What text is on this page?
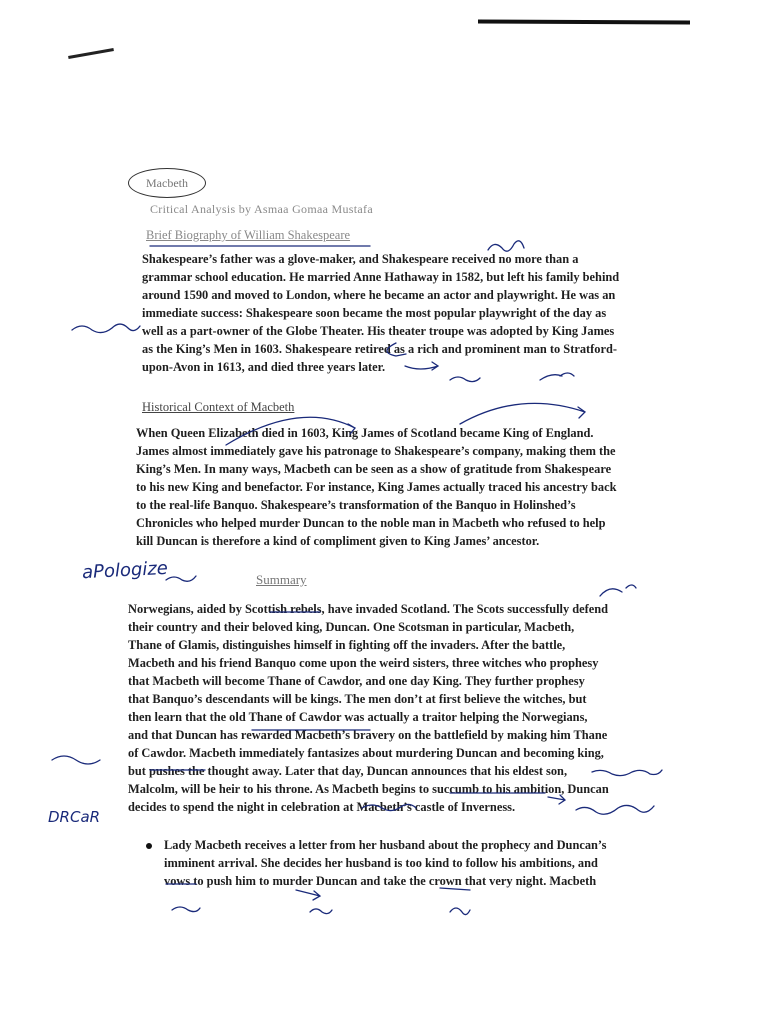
Macbeth
Critical Analysis by Asmaa Gomaa Mustafa
Brief Biography of William Shakespeare
Shakespeare’s father was a glove-maker, and Shakespeare received no more than a
grammar school education. He married Anne Hathaway in 1582, but left his family behind
around 1590 and moved to London, where he became an actor and playwright. He was an
immediate success: Shakespeare soon became the most popular playwright of the day as
well as a part-owner of the Globe Theater. His theater troupe was adopted by King James
as the King’s Men in 1603. Shakespeare retired as a rich and prominent man to Stratford-
upon-Avon in 1613, and died three years later.
Historical Context of Macbeth
When Queen Elizabeth died in 1603, King James of Scotland became King of England.
James almost immediately gave his patronage to Shakespeare’s company, making them the
King’s Men. In many ways, Macbeth can be seen as a show of gratitude from Shakespeare
to his new King and benefactor. For instance, King James actually traced his ancestry back
to the real-life Banquo. Shakespeare’s transformation of the Banquo in Holinshed’s
Chronicles who helped murder Duncan to the noble man in Macbeth who refused to help
kill Duncan is therefore a kind of compliment given to King James’ ancestor.
Summary
Norwegians, aided by Scottish rebels, have invaded Scotland. The Scots successfully defend
their country and their beloved king, Duncan. One Scotsman in particular, Macbeth,
Thane of Glamis, distinguishes himself in fighting off the invaders. After the battle,
Macbeth and his friend Banquo come upon the weird sisters, three witches who prophesy
that Macbeth will become Thane of Cawdor, and one day King. They further prophesy
that Banquo’s descendants will be kings. The men don’t at first believe the witches, but
then learn that the old Thane of Cawdor was actually a traitor helping the Norwegians,
and that Duncan has rewarded Macbeth’s bravery on the battlefield by making him Thane
of Cawdor. Macbeth immediately fantasizes about murdering Duncan and becoming king,
but pushes the thought away. Later that day, Duncan announces that his eldest son,
Malcolm, will be heir to his throne. As Macbeth begins to succumb to his ambition, Duncan
decides to spend the night in celebration at Macbeth’s castle of Inverness.
Lady Macbeth receives a letter from her husband about the prophecy and Duncan’s
imminent arrival. She decides her husband is too kind to follow his ambitions, and
vows to push him to murder Duncan and take the crown that very night. Macbeth
aPologize
DRCaR
